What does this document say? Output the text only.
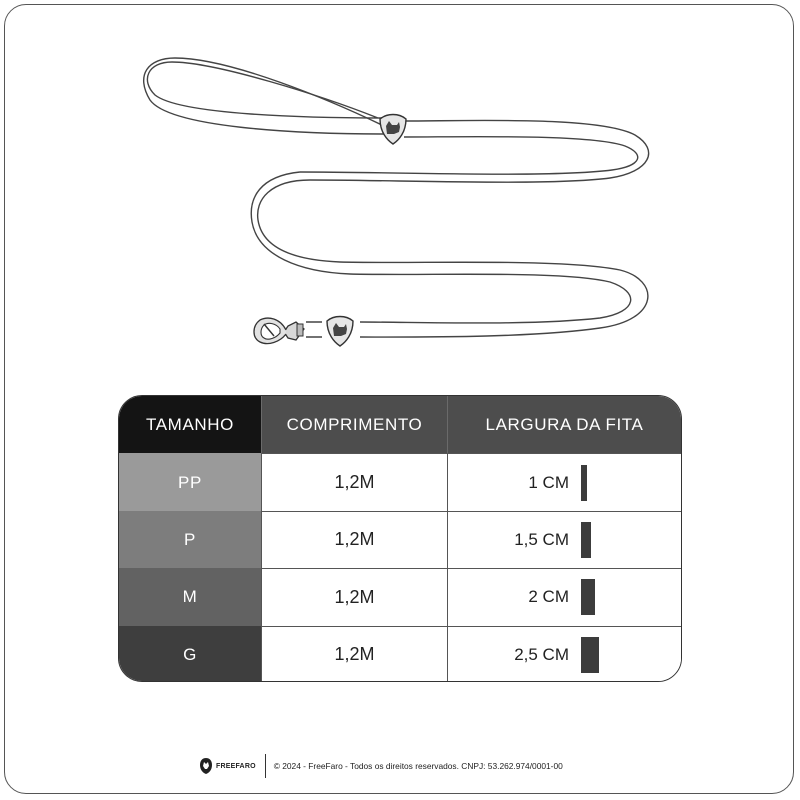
TAMANHO	COMPRIMENTO	LARGURA DA FITA
PP	1,2M	1 CM
P	1,2M	1,5 CM
M	1,2M	2 CM
G	1,2M	2,5 CM
FREEFARO © 2024 - FreeFaro - Todos os direitos reservados. CNPJ: 53.262.974/0001-00
